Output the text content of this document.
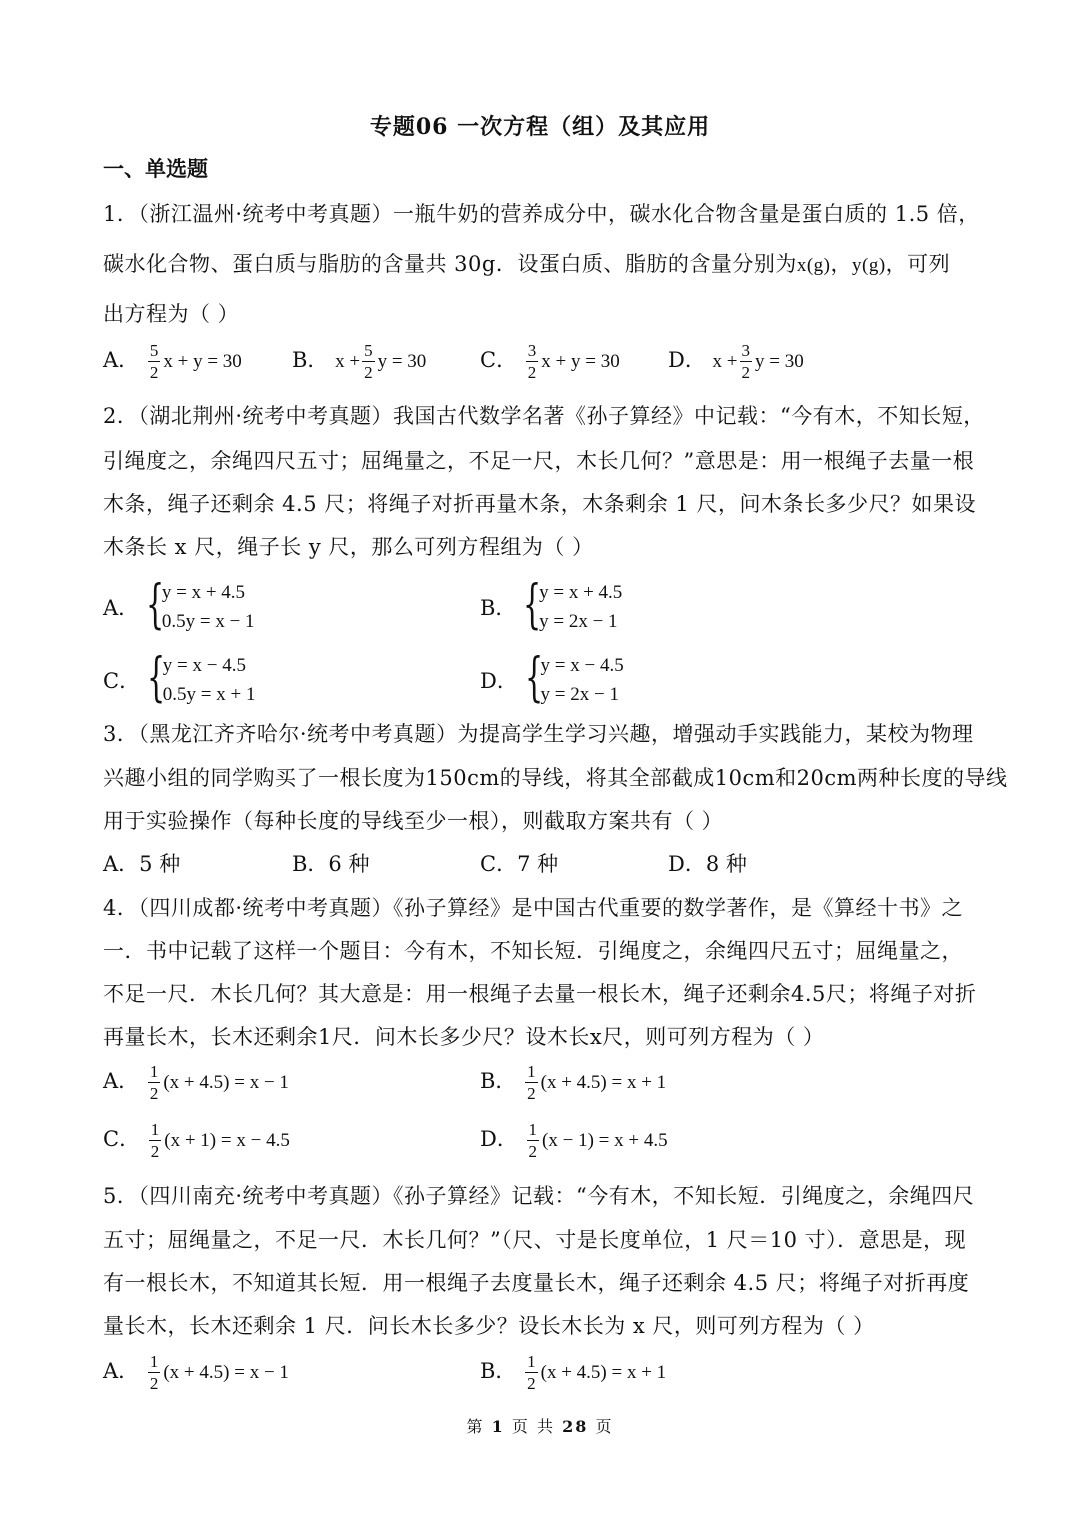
专题06 一次方程（组）及其应用
一、单选题
1．（浙江温州·统考中考真题）一瓶牛奶的营养成分中，碳水化合物含量是蛋白质的 1.5 倍，
碳水化合物、蛋白质与脂肪的含量共 30g．设蛋白质、脂肪的含量分别为x(g)，y(g)，可列
出方程为（ ）
A． $\frac{5}{2}$ x + y = 30 B． $x + \frac{5}{2}$ y = 30	C． $\frac{3}{2}$ x + y = 30 D． $x + \frac{3}{2}$ y = 30
2．（湖北荆州·统考中考真题）我国古代数学名著《孙子算经》中记载：“今有木，不知长短，
引绳度之，余绳四尺五寸；屈绳量之，不足一尺，木长几何？”意思是：用一根绳子去量一根
木条，绳子还剩余 4.5 尺；将绳子对折再量木条，木条剩余 1 尺，问木条长多少尺？如果设
木条长 x 尺，绳子长 y 尺，那么可列方程组为（ ）
A． {
y = x + 4.5
0.5y = x − 1
B． {
y = x + 4.5
y = 2x − 1
C． {
y = x − 4.5
0.5y = x + 1
D． {
y = x − 4.5
y = 2x − 1
3．（黑龙江齐齐哈尔·统考中考真题）为提高学生学习兴趣，增强动手实践能力，某校为物理
兴趣小组的同学购买了一根长度为150cm的导线，将其全部截成10cm和20cm两种长度的导线
用于实验操作（每种长度的导线至少一根），则截取方案共有（ ）
A．5 种	B．6 种	C．7 种	D．8 种
4．（四川成都·统考中考真题）《孙子算经》是中国古代重要的数学著作，是《算经十书》之
一．书中记载了这样一个题目：今有木，不知长短．引绳度之，余绳四尺五寸；屈绳量之，
不足一尺．木长几何？其大意是：用一根绳子去量一根长木，绳子还剩余4.5尺；将绳子对折
再量长木，长木还剩余1尺．问木长多少尺？设木长x尺，则可列方程为（ ）
A． $\frac{1}{2} (x + 4.5) = x - 1$	B． $\frac{1}{2} (x + 4.5) = x + 1$
C． $\frac{1}{2} (x + 1) = x - 4.5$	D． $\frac{1}{2} (x - 1) = x + 4.5$
5．（四川南充·统考中考真题）《孙子算经》记载：“今有木，不知长短．引绳度之，余绳四尺
五寸；屈绳量之，不足一尺．木长几何？”（尺、寸是长度单位，1 尺＝10 寸）．意思是，现
有一根长木，不知道其长短．用一根绳子去度量长木，绳子还剩余 4.5 尺；将绳子对折再度
量长木，长木还剩余 1 尺．问长木长多少？设长木长为 x 尺，则可列方程为（ ）
A． $\frac{1}{2} (x + 4.5) = x - 1$	B． $\frac{1}{2} (x + 4.5) = x + 1$
第 1 页 共 28 页
